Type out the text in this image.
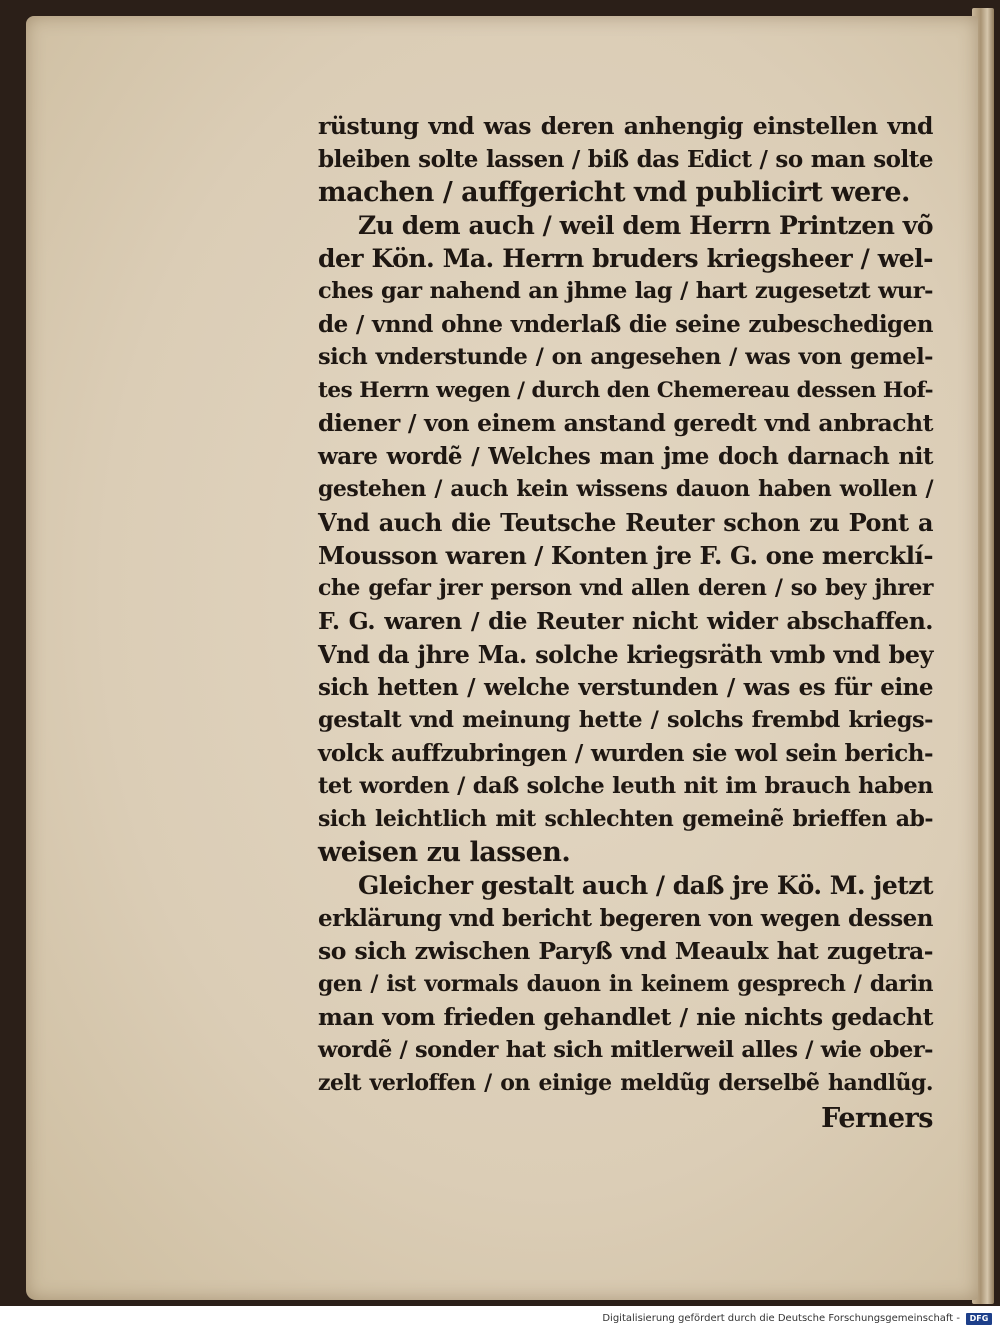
rüstung vnd was deren anhengig einstellen vnd
bleiben solte lassen / biß das Edict / so man solte
machen / auffgericht vnd publicirt were.
Zu dem auch / weil dem Herrn Printzen võ
der Kön. Ma. Herrn bruders kriegsheer / wel-
ches gar nahend an jhme lag / hart zugesetzt wur-
de / vnnd ohne vnderlaß die seine zubeschedigen
sich vnderstunde / on angesehen / was von gemel-
tes Herrn wegen / durch den Chemereau dessen Hof-
diener / von einem anstand geredt vnd anbracht
ware wordẽ / Welches man jme doch darnach nit
gestehen / auch kein wissens dauon haben wollen /
Vnd auch die Teutsche Reuter schon zu Pont a
Mousson waren / Konten jre F. G. one mercklí-
che gefar jrer person vnd allen deren / so bey jhrer
F. G. waren / die Reuter nicht wider abschaffen.
Vnd da jhre Ma. solche kriegsräth vmb vnd bey
sich hetten / welche verstunden / was es für eine
gestalt vnd meinung hette / solchs frembd kriegs-
volck auffzubringen / wurden sie wol sein berich-
tet worden / daß solche leuth nit im brauch haben
sich leichtlich mit schlechten gemeinẽ brieffen ab-
weisen zu lassen.
Gleicher gestalt auch / daß jre Kö. M. jetzt
erklärung vnd bericht begeren von wegen dessen
so sich zwischen Paryß vnd Meaulx hat zugetra-
gen / ist vormals dauon in keinem gesprech / darin
man vom frieden gehandlet / nie nichts gedacht
wordẽ / sonder hat sich mitlerweil alles / wie ober-
zelt verloffen / on einige meldũg derselbẽ handlũg.
Ferners
Digitalisierung gefördert durch die Deutsche Forschungsgemeinschaft -	DFG
